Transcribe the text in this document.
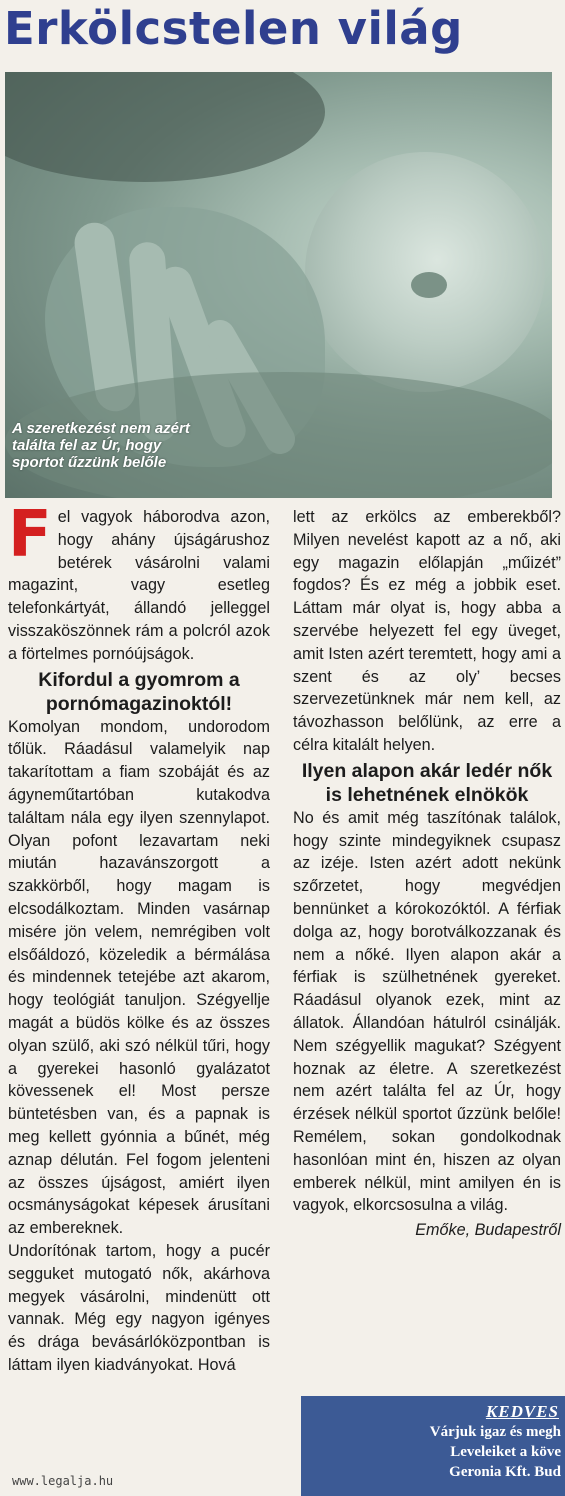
Erkölcstelen világ
A szeretkezést nem azért találta fel az Úr, hogy sportot űzzünk belőle

Fel vagyok háborodva azon, hogy ahány újságárushoz betérek vásárolni valami magazint, vagy esetleg telefonkártyát, állandó jelleggel visszaköszönnek rám a polcról azok a förtelmes pornóújságok.

Kifordul a gyomrom a pornómagazinoktól!

Komolyan mondom, undorodom tőlük. Ráadásul valamelyik nap takarítottam a fiam szobáját és az ágyneműtartóban kutakodva találtam nála egy ilyen szennylapot. Olyan pofont lezavartam neki miután hazavánszorgott a szakkörből, hogy magam is elcsodálkoztam. Minden vasárnap misére jön velem, nemrégiben volt elsőáldozó, közeledik a bérmálása és mindennek tetejébe azt akarom, hogy teológiát tanuljon. Szégyellje magát a büdös kölke és az összes olyan szülő, aki szó nélkül tűri, hogy a gyerekei hasonló gyalázatot kövessenek el! Most persze büntetésben van, és a papnak is meg kellett gyónnia a bűnét, még aznap délután. Fel fogom jelenteni az összes újságost, amiért ilyen ocsmányságokat képesek árusítani az embereknek.

Undorítónak tartom, hogy a pucér segguket mutogató nők, akárhova megyek vásárolni, mindenütt ott vannak. Még egy nagyon igényes és drága bevásárlóközpontban is láttam ilyen kiadványokat. Hová

lett az erkölcs az emberekből? Milyen nevelést kapott az a nő, aki egy magazin előlapján „műizét” fogdos? És ez még a jobbik eset. Láttam már olyat is, hogy abba a szervébe helyezett fel egy üveget, amit Isten azért teremtett, hogy ami a szent és az oly’ becses szervezetünknek már nem kell, az távozhasson belőlünk, az erre a célra kitalált helyen.

Ilyen alapon akár ledér nők is lehetnének elnökök

No és amit még taszítónak találok, hogy szinte mindegyiknek csupasz az izéje. Isten azért adott nekünk szőrzetet, hogy megvédjen bennünket a kórokozóktól. A férfiak dolga az, hogy borotválkozzanak és nem a nőké. Ilyen alapon akár a férfiak is szülhetnének gyereket. Ráadásul olyanok ezek, mint az állatok. Állandóan hátulról csinálják. Nem szégyellik magukat? Szégyent hoznak az életre. A szeretkezést nem azért találta fel az Úr, hogy érzések nélkül sportot űzzünk belőle! Remélem, sokan gondolkodnak hasonlóan mint én, hiszen az olyan emberek nélkül, mint amilyen én is vagyok, elkorcsosulna a világ.

Emőke, Budapestről
KEDVES
Várjuk igaz és megh
Leveleiket a köve
Geronia Kft. Bud
www.legalja.hu
